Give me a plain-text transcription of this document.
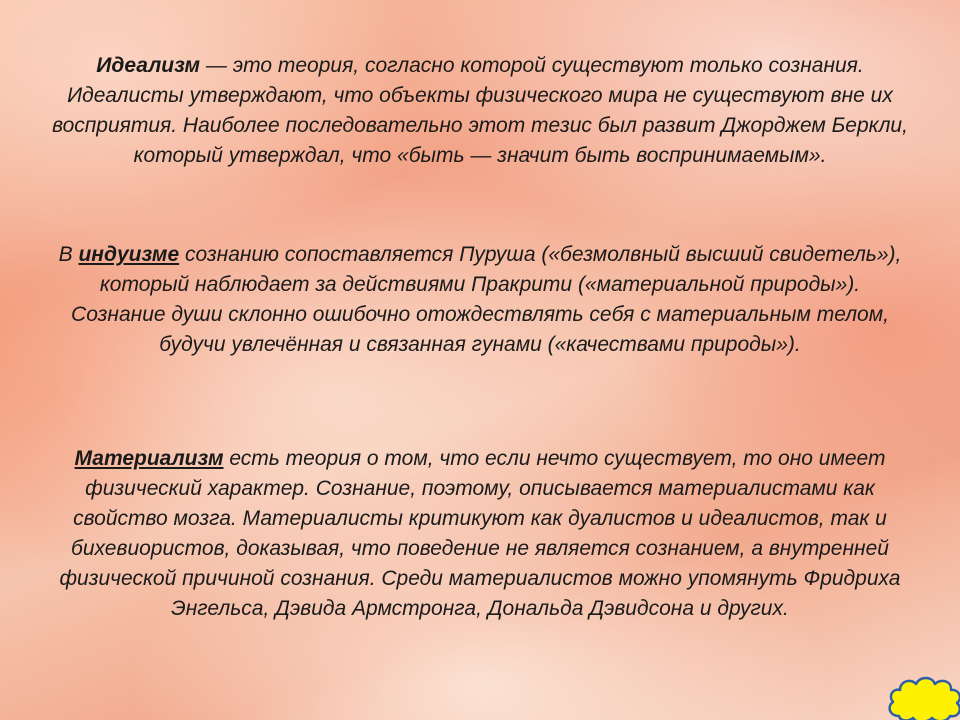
Идеализм — это теория, согласно которой существуют только сознания. Идеалисты утверждают, что объекты физического мира не существуют вне их восприятия. Наиболее последовательно этот тезис был развит Джорджем Беркли, который утверждал, что «быть — значит быть воспринимаемым».

В индуизме сознанию сопоставляется Пуруша («безмолвный высший свидетель»), который наблюдает за действиями Пракрити («материальной природы»). Сознание души склонно ошибочно отождествлять себя с материальным телом, будучи увлечённая и связанная гунами («качествами природы»).

Материализм есть теория о том, что если нечто существует, то оно имеет физический характер. Сознание, поэтому, описывается материалистами как свойство мозга. Материалисты критикуют как дуалистов и идеалистов, так и бихевиористов, доказывая, что поведение не является сознанием, а внутренней физической причиной сознания. Среди материалистов можно упомянуть Фридриха Энгельса, Дэвида Армстронга, Дональда Дэвидсона и других.
